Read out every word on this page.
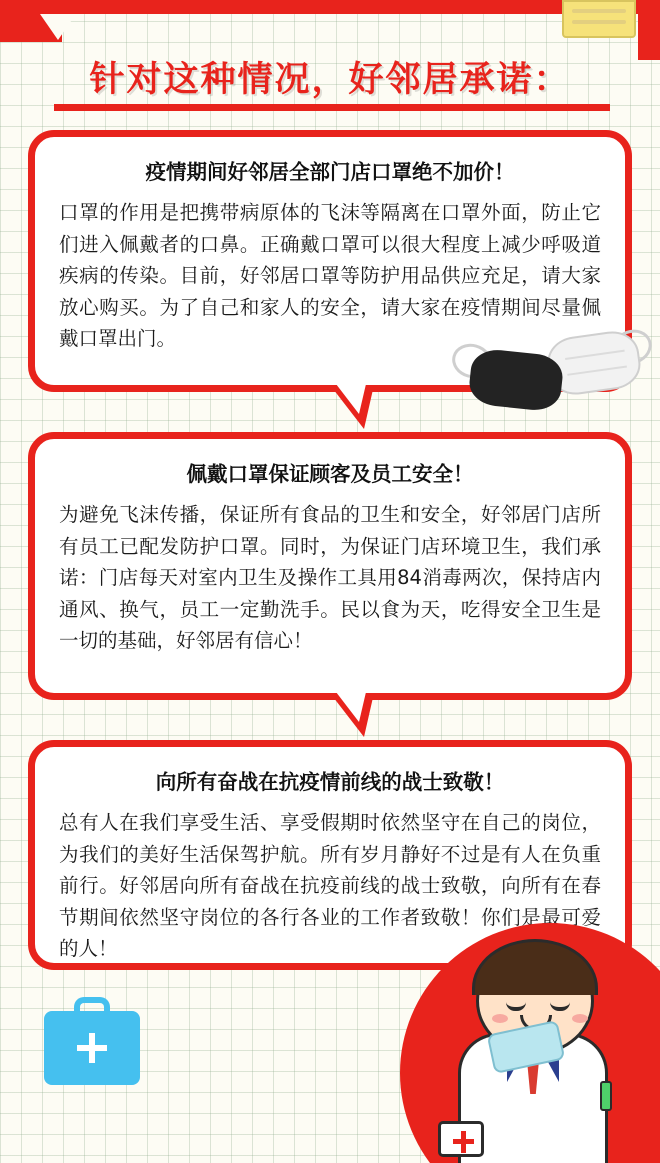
针对这种情况，好邻居承诺：
疫情期间好邻居全部门店口罩绝不加价！
口罩的作用是把携带病原体的飞沫等隔离在口罩外面，防止它们进入佩戴者的口鼻。正确戴口罩可以很大程度上减少呼吸道疾病的传染。目前，好邻居口罩等防护用品供应充足，请大家放心购买。为了自己和家人的安全，请大家在疫情期间尽量佩戴口罩出门。
佩戴口罩保证顾客及员工安全！
为避免飞沫传播，保证所有食品的卫生和安全，好邻居门店所有员工已配发防护口罩。同时，为保证门店环境卫生，我们承诺：门店每天对室内卫生及操作工具用84消毒两次，保持店内通风、换气，员工一定勤洗手。民以食为天，吃得安全卫生是一切的基础，好邻居有信心！
向所有奋战在抗疫情前线的战士致敬！
总有人在我们享受生活、享受假期时依然坚守在自己的岗位，为我们的美好生活保驾护航。所有岁月静好不过是有人在负重前行。好邻居向所有奋战在抗疫前线的战士致敬，向所有在春节期间依然坚守岗位的各行各业的工作者致敬！你们是最可爱的人！
